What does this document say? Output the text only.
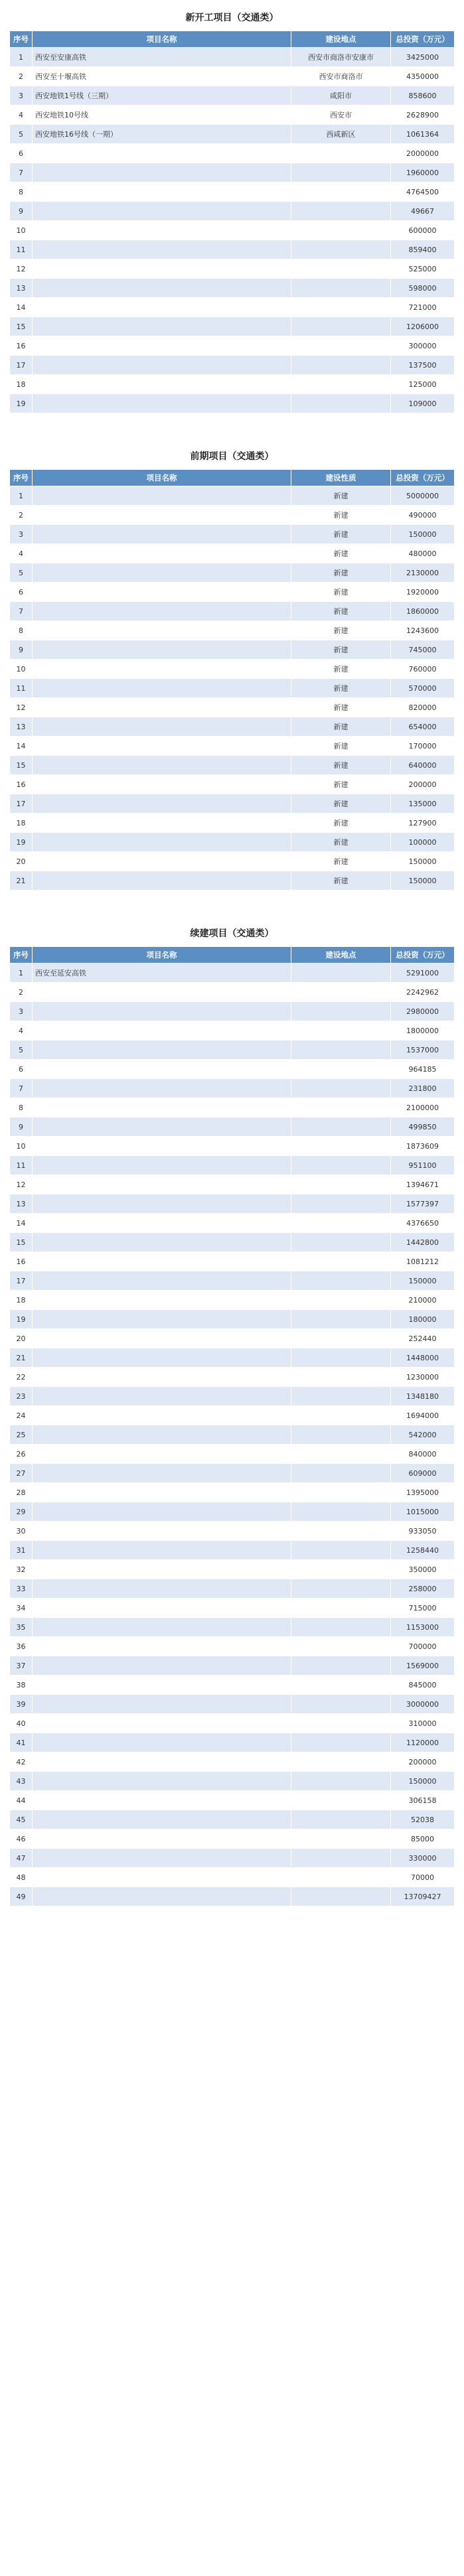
新开工项目（交通类）
序号	项目名称	建设地点	总投资（万元）
1	西安至安康高铁	西安市商洛市安康市	3425000
2	西安至十堰高铁	西安市商洛市	4350000
3	西安地铁1号线（三期）	咸阳市	858600
4	西安地铁10号线	西安市	2628900
5	西安地铁16号线（一期）	西咸新区	1061364
6			2000000
7			1960000
8			4764500
9			49667
10			600000
11			859400
12			525000
13			598000
14			721000
15			1206000
16			300000
17			137500
18			125000
19			109000
前期项目（交通类）
序号	项目名称	建设性质	总投资（万元）
1		新建	5000000
2		新建	490000
3		新建	150000
4		新建	480000
5		新建	2130000
6		新建	1920000
7		新建	1860000
8		新建	1243600
9		新建	745000
10		新建	760000
11		新建	570000
12		新建	820000
13		新建	654000
14		新建	170000
15		新建	640000
16		新建	200000
17		新建	135000
18		新建	127900
19		新建	100000
20		新建	150000
21		新建	150000
续建项目（交通类）
序号	项目名称	建设地点	总投资（万元）
1	西安至延安高铁		5291000
2			2242962
3			2980000
4			1800000
5			1537000
6			964185
7			231800
8			2100000
9			499850
10			1873609
11			951100
12			1394671
13			1577397
14			4376650
15			1442800
16			1081212
17			150000
18			210000
19			180000
20			252440
21			1448000
22			1230000
23			1348180
24			1694000
25			542000
26			840000
27			609000
28			1395000
29			1015000
30			933050
31			1258440
32			350000
33			258000
34			715000
35			1153000
36			700000
37			1569000
38			845000
39			3000000
40			310000
41			1120000
42			200000
43			150000
44			306158
45			52038
46			85000
47			330000
48			70000
49			13709427
